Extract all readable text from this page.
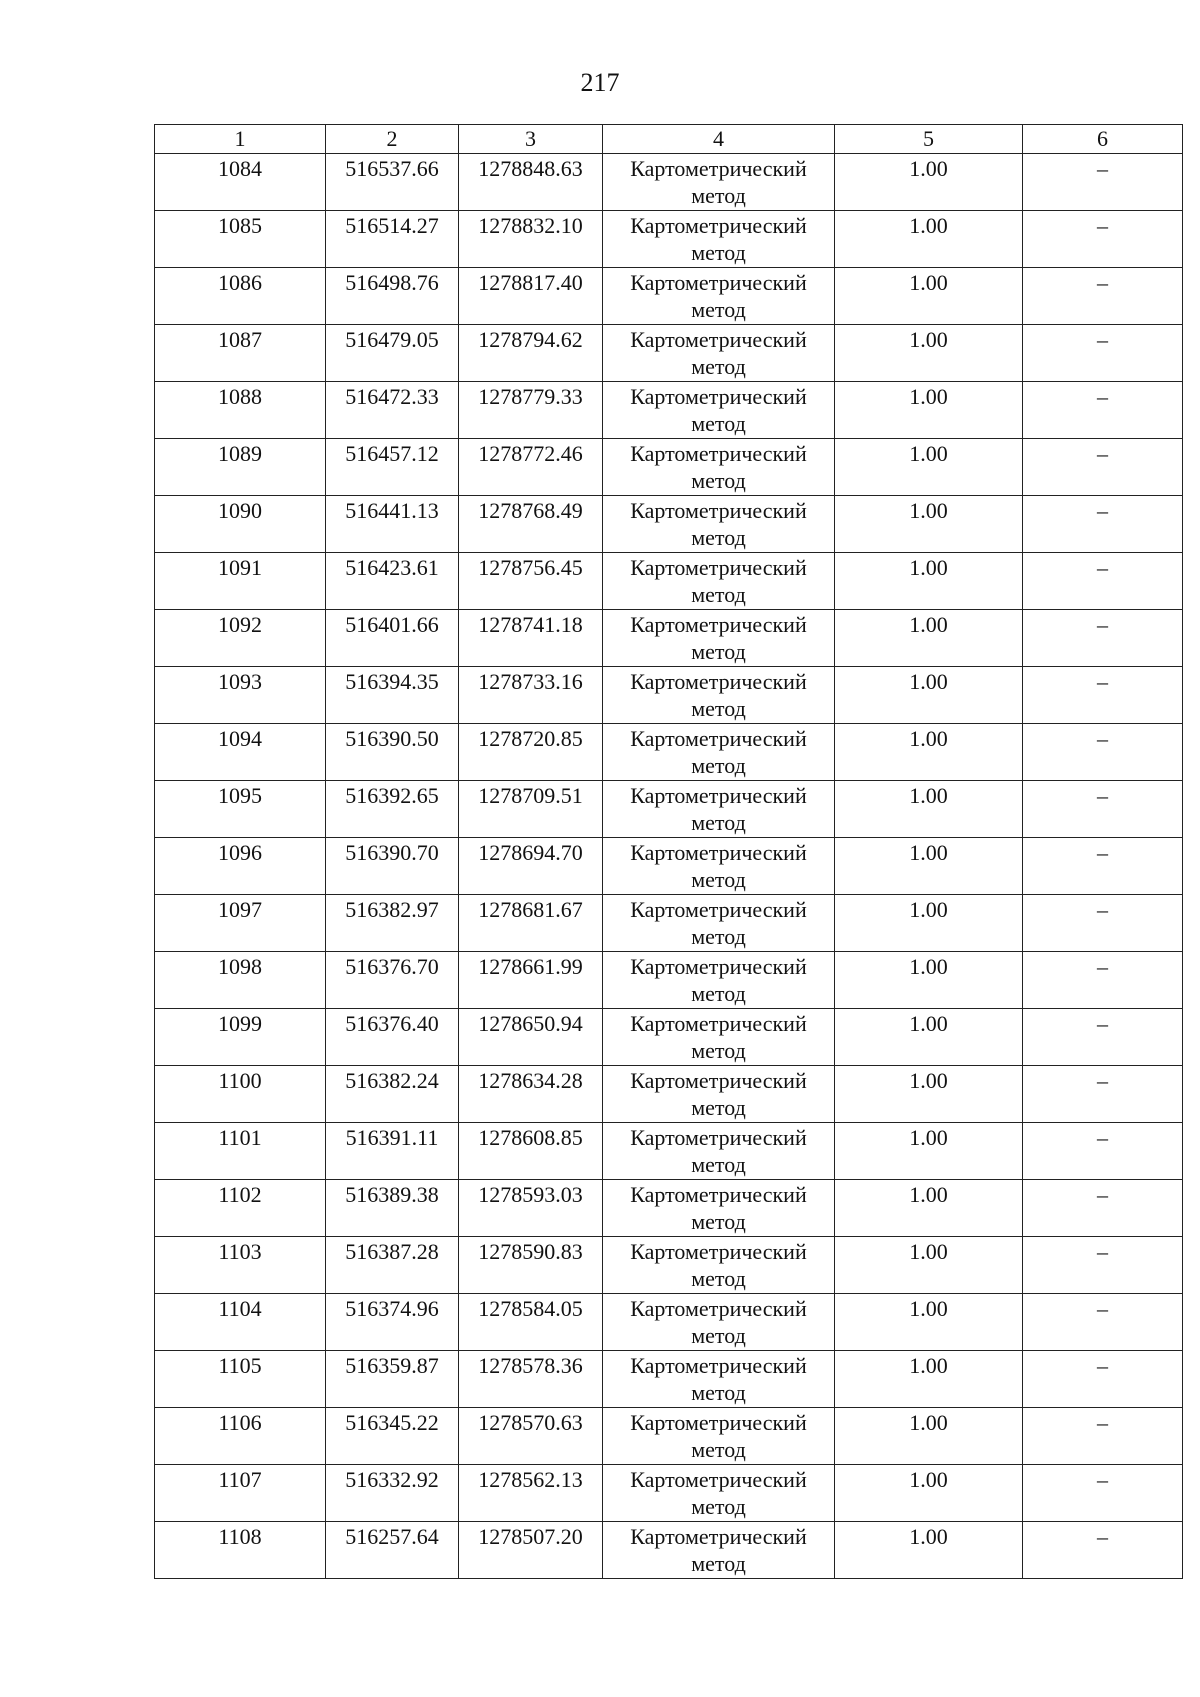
217
1	2	3	4	5	6
1084	516537.66	1278848.63	Картометрический метод	1.00	–
1085	516514.27	1278832.10	Картометрический метод	1.00	–
1086	516498.76	1278817.40	Картометрический метод	1.00	–
1087	516479.05	1278794.62	Картометрический метод	1.00	–
1088	516472.33	1278779.33	Картометрический метод	1.00	–
1089	516457.12	1278772.46	Картометрический метод	1.00	–
1090	516441.13	1278768.49	Картометрический метод	1.00	–
1091	516423.61	1278756.45	Картометрический метод	1.00	–
1092	516401.66	1278741.18	Картометрический метод	1.00	–
1093	516394.35	1278733.16	Картометрический метод	1.00	–
1094	516390.50	1278720.85	Картометрический метод	1.00	–
1095	516392.65	1278709.51	Картометрический метод	1.00	–
1096	516390.70	1278694.70	Картометрический метод	1.00	–
1097	516382.97	1278681.67	Картометрический метод	1.00	–
1098	516376.70	1278661.99	Картометрический метод	1.00	–
1099	516376.40	1278650.94	Картометрический метод	1.00	–
1100	516382.24	1278634.28	Картометрический метод	1.00	–
1101	516391.11	1278608.85	Картометрический метод	1.00	–
1102	516389.38	1278593.03	Картометрический метод	1.00	–
1103	516387.28	1278590.83	Картометрический метод	1.00	–
1104	516374.96	1278584.05	Картометрический метод	1.00	–
1105	516359.87	1278578.36	Картометрический метод	1.00	–
1106	516345.22	1278570.63	Картометрический метод	1.00	–
1107	516332.92	1278562.13	Картометрический метод	1.00	–
1108	516257.64	1278507.20	Картометрический метод	1.00	–
